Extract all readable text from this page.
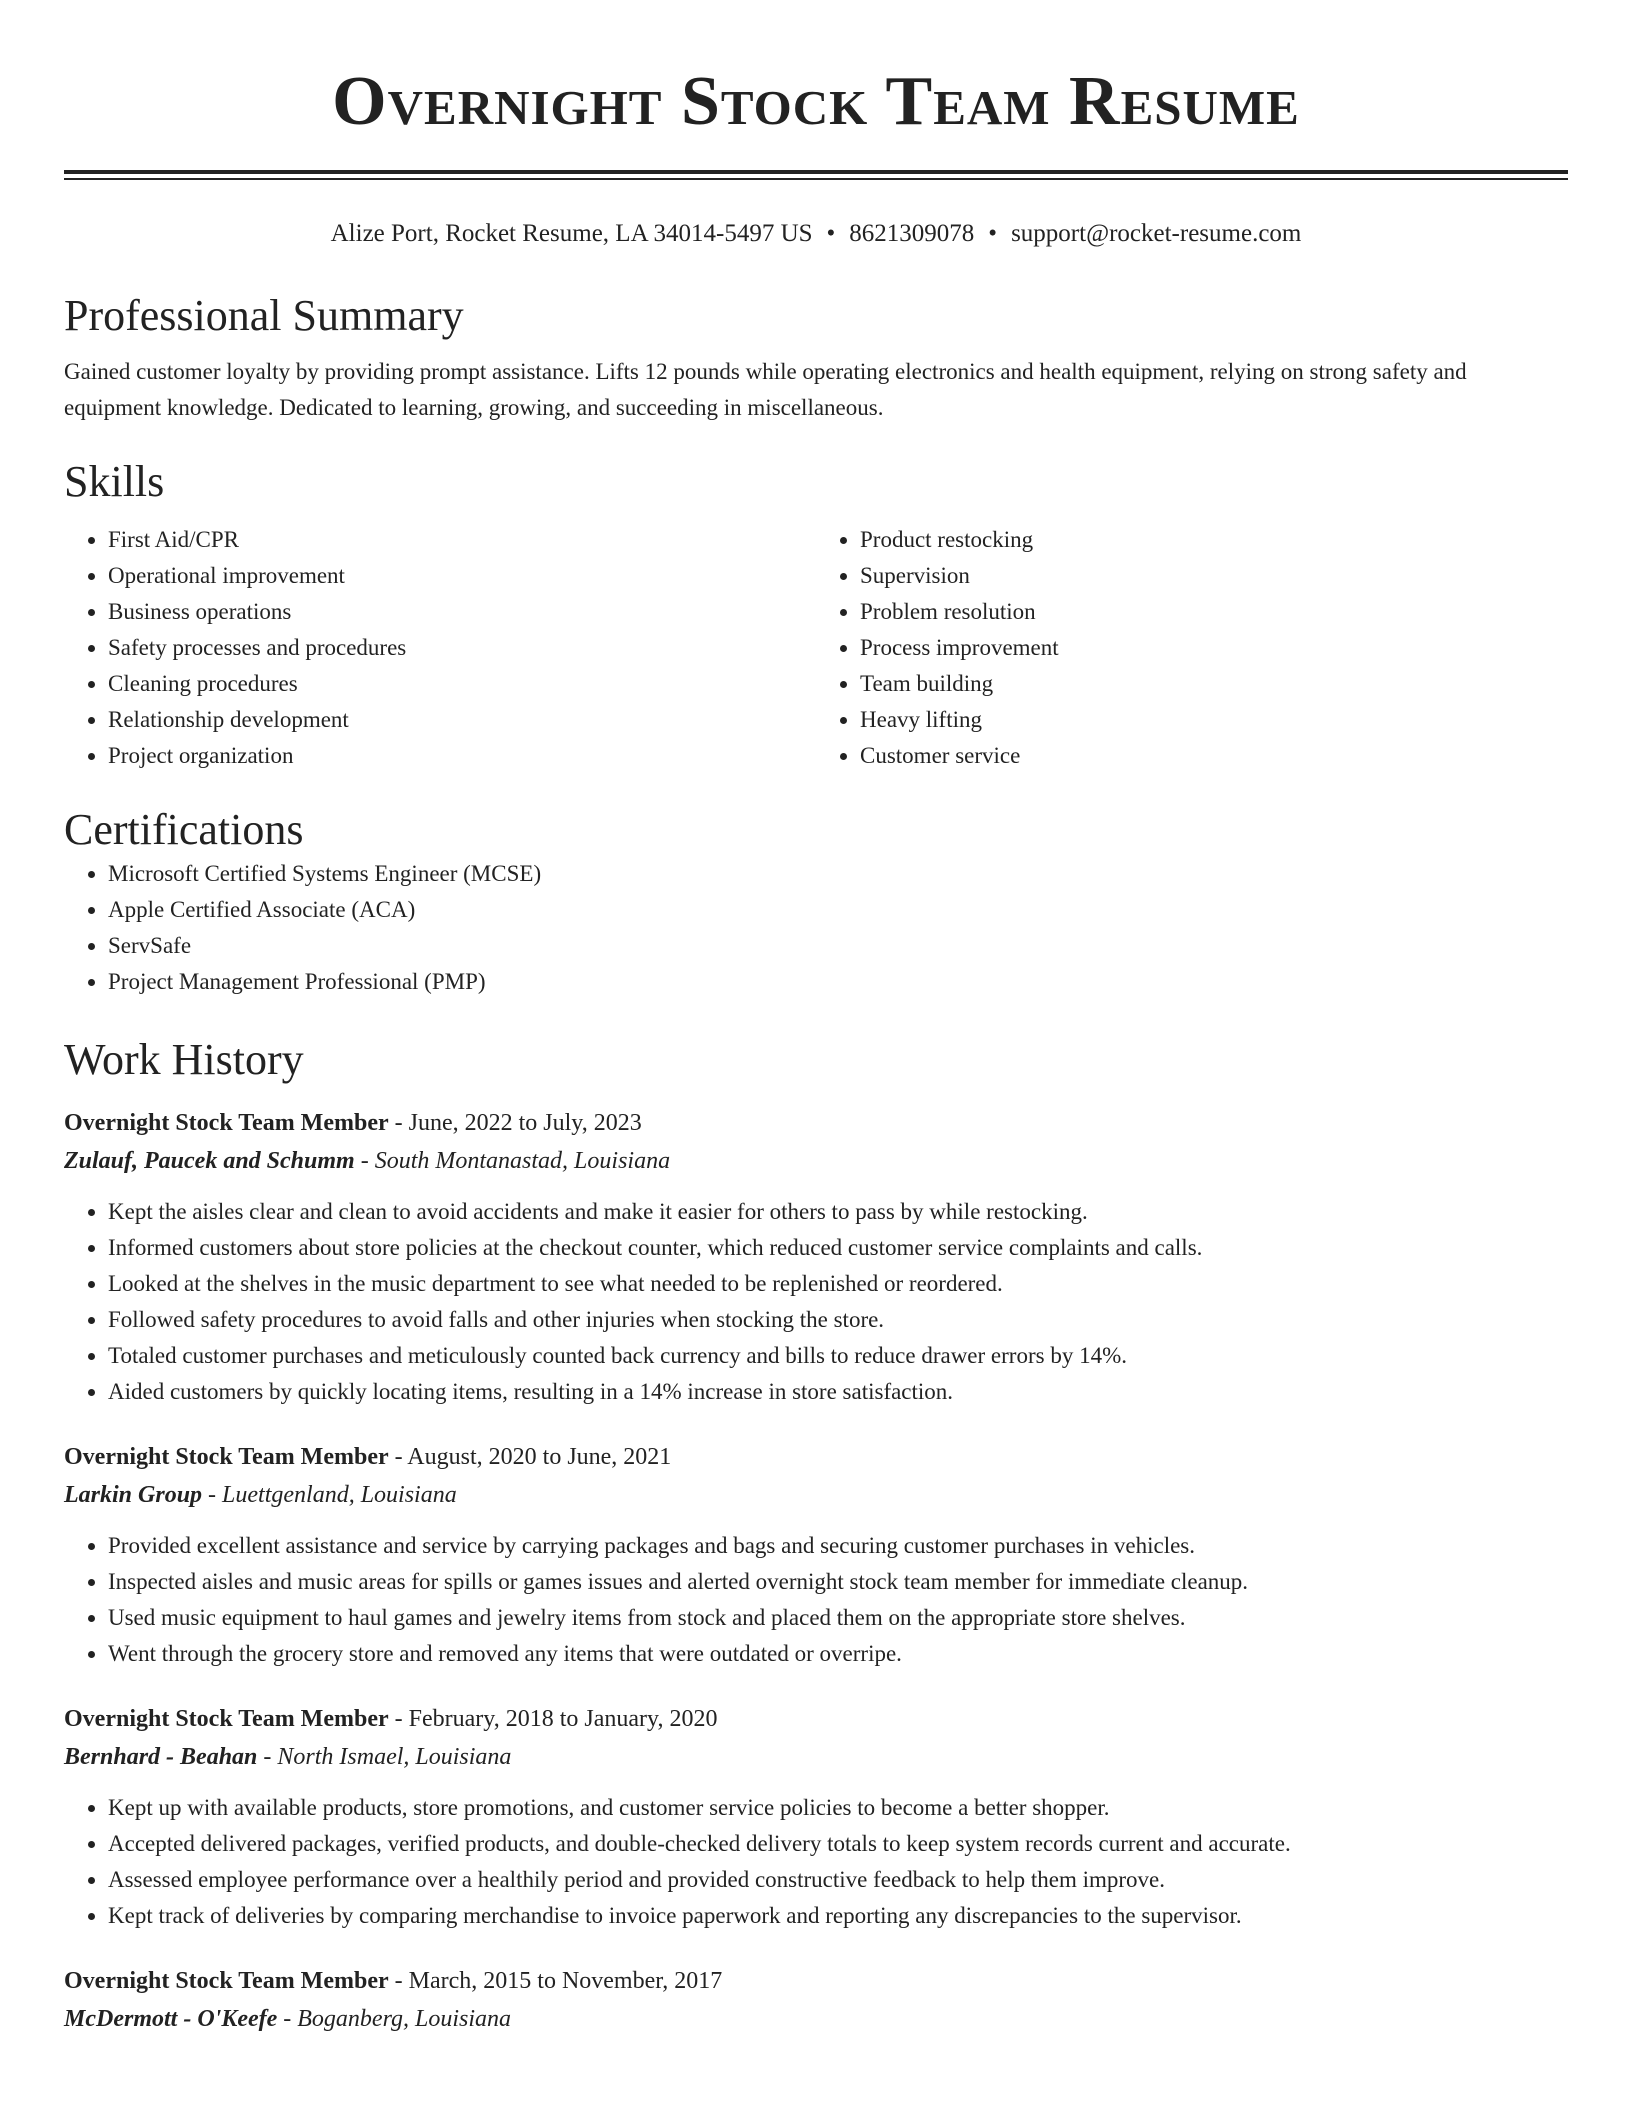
Overnight Stock Team Resume
Alize Port, Rocket Resume, LA 34014-5497 US • 8621309078 • support@rocket-resume.com
Professional Summary

Gained customer loyalty by providing prompt assistance. Lifts 12 pounds while operating electronics and health equipment, relying on strong safety and equipment knowledge. Dedicated to learning, growing, and succeeding in miscellaneous.

Skills
• First Aid/CPR
• Operational improvement
• Business operations
• Safety processes and procedures
• Cleaning procedures
• Relationship development
• Project organization
• Product restocking
• Supervision
• Problem resolution
• Process improvement
• Team building
• Heavy lifting
• Customer service
Certifications
• Microsoft Certified Systems Engineer (MCSE)
• Apple Certified Associate (ACA)
• ServSafe
• Project Management Professional (PMP)
Work History
Overnight Stock Team Member - June, 2022 to July, 2023
Zulauf, Paucek and Schumm - South Montanastad, Louisiana
• Kept the aisles clear and clean to avoid accidents and make it easier for others to pass by while restocking.
• Informed customers about store policies at the checkout counter, which reduced customer service complaints and calls.
• Looked at the shelves in the music department to see what needed to be replenished or reordered.
• Followed safety procedures to avoid falls and other injuries when stocking the store.
• Totaled customer purchases and meticulously counted back currency and bills to reduce drawer errors by 14%.
• Aided customers by quickly locating items, resulting in a 14% increase in store satisfaction.
Overnight Stock Team Member - August, 2020 to June, 2021
Larkin Group - Luettgenland, Louisiana
• Provided excellent assistance and service by carrying packages and bags and securing customer purchases in vehicles.
• Inspected aisles and music areas for spills or games issues and alerted overnight stock team member for immediate cleanup.
• Used music equipment to haul games and jewelry items from stock and placed them on the appropriate store shelves.
• Went through the grocery store and removed any items that were outdated or overripe.
Overnight Stock Team Member - February, 2018 to January, 2020
Bernhard - Beahan - North Ismael, Louisiana
• Kept up with available products, store promotions, and customer service policies to become a better shopper.
• Accepted delivered packages, verified products, and double-checked delivery totals to keep system records current and accurate.
• Assessed employee performance over a healthily period and provided constructive feedback to help them improve.
• Kept track of deliveries by comparing merchandise to invoice paperwork and reporting any discrepancies to the supervisor.
Overnight Stock Team Member - March, 2015 to November, 2017
McDermott - O'Keefe - Boganberg, Louisiana
